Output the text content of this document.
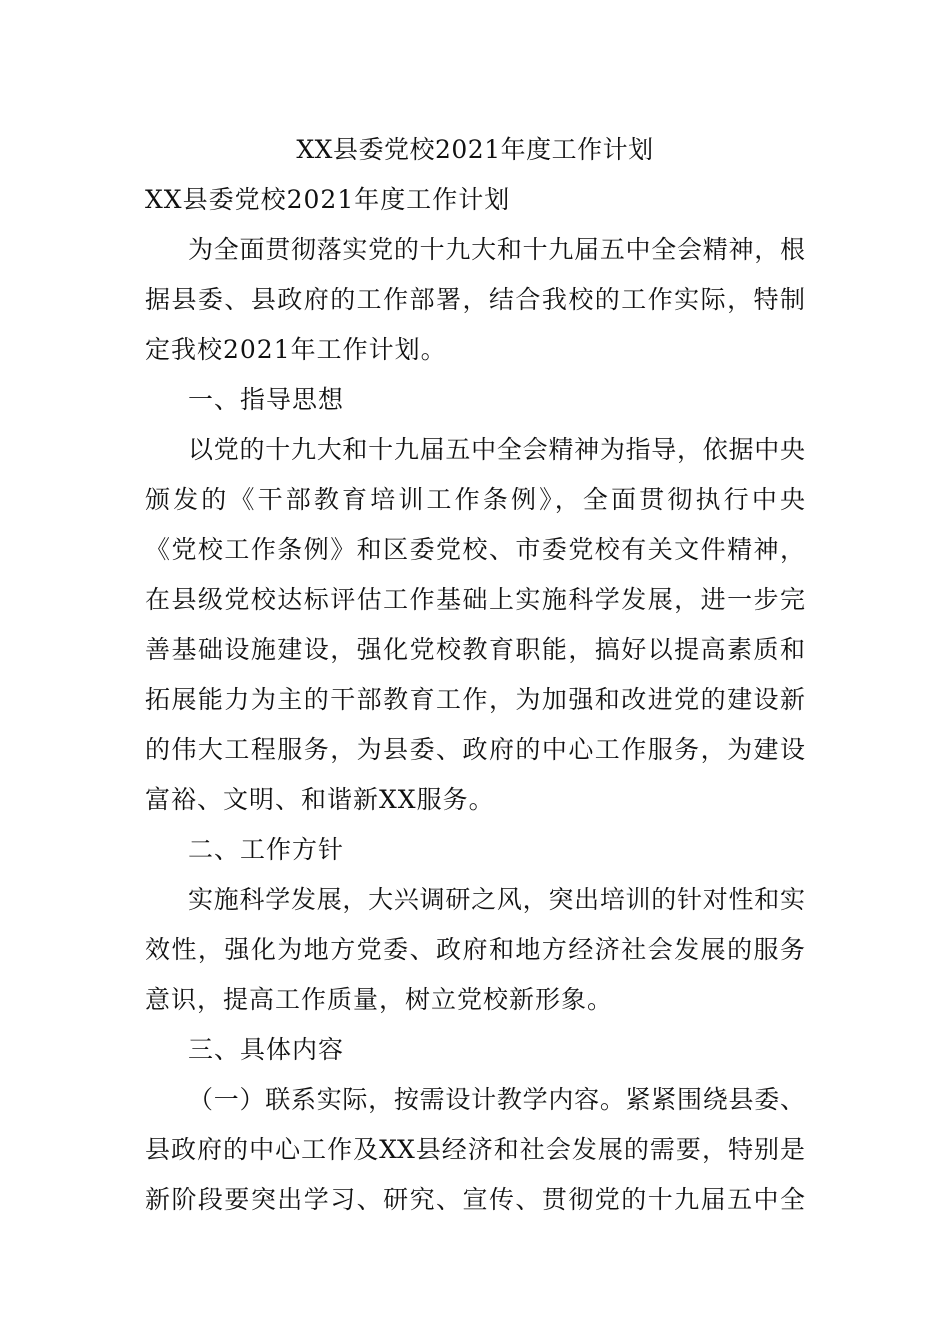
XX县委党校2021年度工作计划
XX县委党校2021年度工作计划
为全面贯彻落实党的十九大和十九届五中全会精神，根
据县委、县政府的工作部署，结合我校的工作实际，特制
定我校2021年工作计划。
一、指导思想
以党的十九大和十九届五中全会精神为指导，依据中央
颁发的《干部教育培训工作条例》，全面贯彻执行中央
《党校工作条例》和区委党校、市委党校有关文件精神，
在县级党校达标评估工作基础上实施科学发展，进一步完
善基础设施建设，强化党校教育职能，搞好以提高素质和
拓展能力为主的干部教育工作，为加强和改进党的建设新
的伟大工程服务，为县委、政府的中心工作服务，为建设
富裕、文明、和谐新XX服务。
二、工作方针
实施科学发展，大兴调研之风，突出培训的针对性和实
效性，强化为地方党委、政府和地方经济社会发展的服务
意识，提高工作质量，树立党校新形象。
三、具体内容
（一）联系实际，按需设计教学内容。紧紧围绕县委、
县政府的中心工作及XX县经济和社会发展的需要，特别是
新阶段要突出学习、研究、宣传、贯彻党的十九届五中全
